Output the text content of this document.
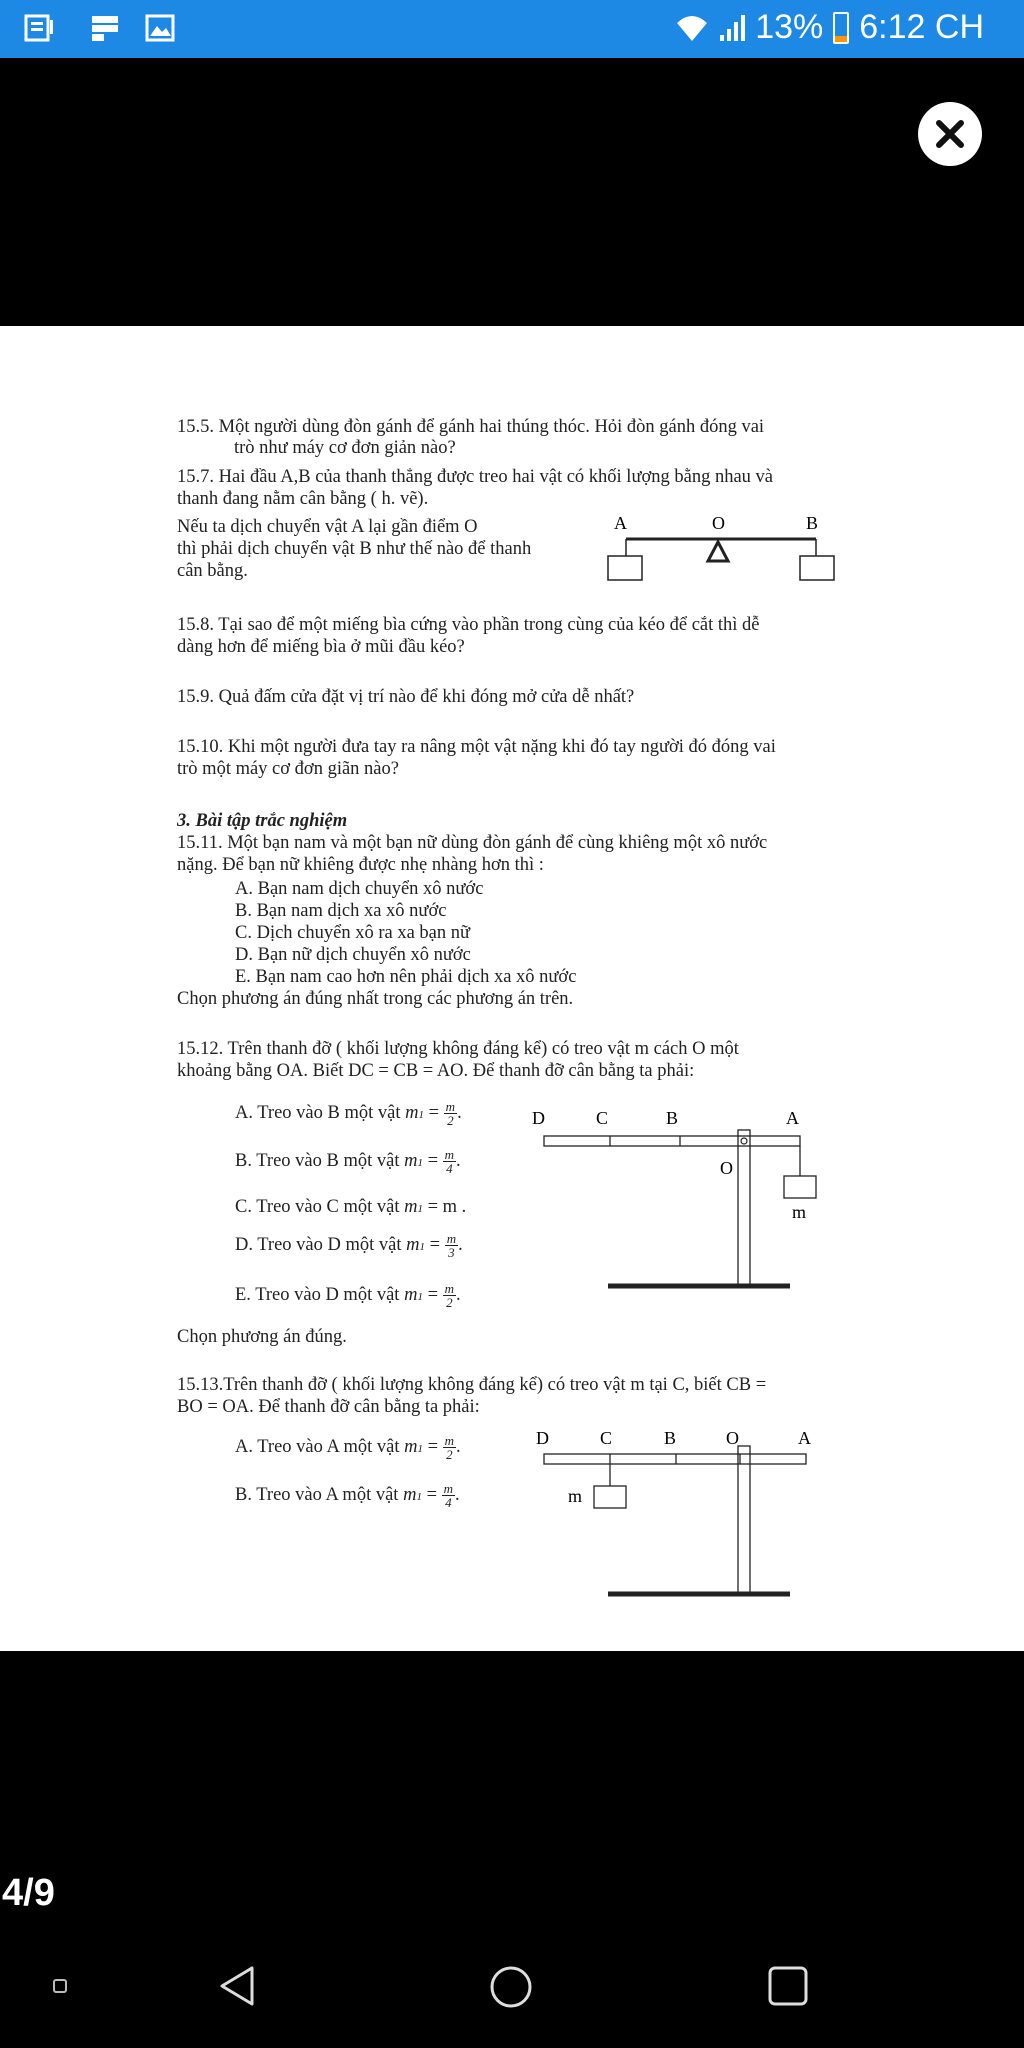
13% 6:12 CH
15.5. Một người dùng đòn gánh để gánh hai thúng thóc. Hỏi đòn gánh đóng vai
trò như máy cơ đơn giản nào?
15.7. Hai đầu A,B của thanh thẳng được treo hai vật có khối lượng bằng nhau và
thanh đang nằm cân bằng ( h. vẽ).
Nếu ta dịch chuyển vật A lại gần điểm O
thì phải dịch chuyển vật B như thế nào để thanh
cân bằng.
A	O	B
15.8. Tại sao để một miếng bìa cứng vào phần trong cùng của kéo để cắt thì dễ
dàng hơn để miếng bìa ở mũi đầu kéo?
15.9. Quả đấm cửa đặt vị trí nào để khi đóng mở cửa dễ nhất?
15.10. Khi một người đưa tay ra nâng một vật nặng khi đó tay người đó đóng vai
trò một máy cơ đơn giãn nào?
3. Bài tập trắc nghiệm
15.11. Một bạn nam và một bạn nữ dùng đòn gánh để cùng khiêng một xô nước
nặng. Để bạn nữ khiêng được nhẹ nhàng hơn thì :
A. Bạn nam dịch chuyển xô nước
B. Bạn nam dịch xa xô nước
C. Dịch chuyển xô ra xa bạn nữ
D. Bạn nữ dịch chuyển xô nước
E. Bạn nam cao hơn nên phải dịch xa xô nước
Chọn phương án đúng nhất trong các phương án trên.
15.12. Trên thanh đỡ ( khối lượng không đáng kể) có treo vật m cách O một
khoảng bằng OA. Biết DC = CB = AO. Để thanh đỡ cân bằng ta phải:
A. Treo vào B một vật $m1 = \frac{m}{2}$ .
B. Treo vào B một vật $m1 = \frac{m}{4}$ .
C. Treo vào C một vật m1 = m .
D. Treo vào D một vật $m1 = \frac{m}{3}$ .
E. Treo vào D một vật $m1 = \frac{m}{2}$ .
Chọn phương án đúng.
D	C	B	A
O
m
15.13.Trên thanh đỡ ( khối lượng không đáng kể) có treo vật m tại C, biết CB =
BO = OA. Để thanh đỡ cân bằng ta phải:
A. Treo vào A một vật $m1 = \frac{m}{2}$ .
B. Treo vào A một vật $m1 = \frac{m}{4}$ .
D	C	B	O	A
m
4/9
